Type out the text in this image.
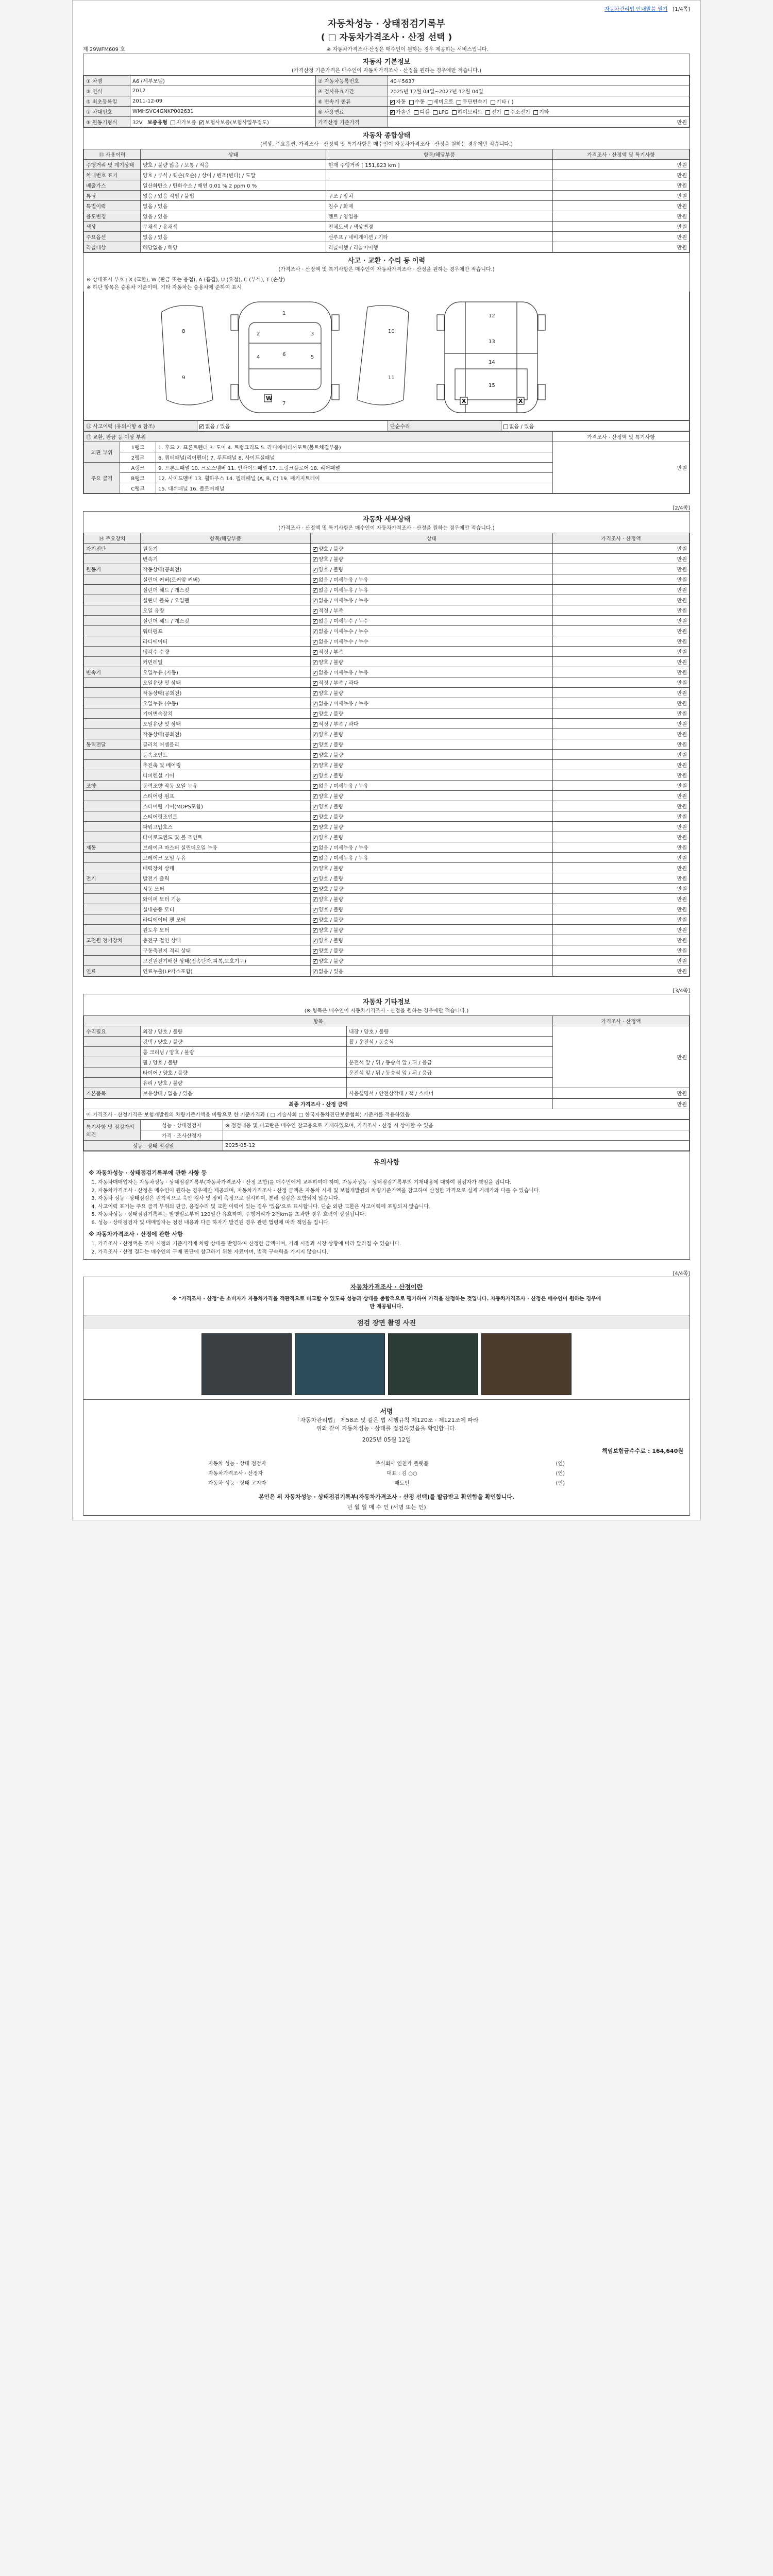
자동차관리법 안내말씀 열기 [1/4쪽]
자동차성능 · 상태점검기록부
( □ 자동차가격조사 · 산정 선택 )
제 29WFM609 호	※ 자동차가격조사·산정은 매수인이 원하는 경우 제공하는 서비스입니다.
자동차 기본정보
(가격산정 기준가격은 매수인이 자동차가격조사 · 산정을 원하는 경우에만 적습니다.)
① 차명	A6 (세부모델)	② 자동차등록번호	40무5637
③ 연식	2012	④ 검사유효기간	2025년 12월 04일~2027년 12월 04일
⑤ 최초등록일	2011-12-09	⑥ 변속기 종류	✓자동 수동 세미오토 무단변속기 기타 ( )
⑦ 차대번호	WMHSVC4GNKP002631	⑧ 사용연료	✓가솔린 디젤 LPG 하이브리드 전기 수소전기 기타
⑨ 원동기형식	32V 보증유형 자가보증 ✓ 보험사보증(보험사업무정도)	가격산정 기준가격	만원
자동차 종합상태
(색상, 주요옵션, 가격조사 · 산정액 및 특기사항은 매수인이 자동차가격조사 · 산정을 원하는 경우에만 적습니다.)
⑪ 사용이력	상태	항목/해당부품	가격조사 · 산정액 및 특기사항
주행거리 및 계기상태	양호 / 불량 많음 / 보통 / 적음	현재 주행거리 [ 151,823 km ]	만원
차대번호 표기	양호 / 부식 / 훼손(오손) / 상이 / 변조(변타) / 도말		만원
배출가스	일산화탄소 / 탄화수소 / 매연 0.01 % 2 ppm 0 %		만원
튜닝	없음 / 있음 적법 / 불법	구조 / 장치	만원
특별이력	없음 / 있음	침수 / 화재	만원
용도변경	없음 / 있음	렌트 / 영업용	만원
색상	무채색 / 유채색	전체도색 / 색상변경	만원
주요옵션	없음 / 있음	선루프 / 네비게이션 / 기타	만원
리콜대상	해당없음 / 해당	리콜이행 / 리콜미이행	만원
사고 · 교환 · 수리 등 이력
(가격조사 · 산정액 및 특기사항은 매수인이 자동차가격조사 · 산정을 원하는 경우에만 적습니다.)
※ 상태표시 부호 : X (교환), W (판금 또는 용접), A (흠집), U (요철), C (부식), T (손상)
※ 하단 항목은 승용차 기준이며, 기타 자동차는 승용차에 준하여 표시
1
2	3
4	5
6
7
8
9
10
11
12
13
14
15
W	X	X
⑫ 사고이력 (유의사항 4 참조)	✓없음 / 있음	단순수리	없음 / 있음
⑬ 교환, 판금 등 이상 부위			가격조사 · 산정액 및 특기사항
외판 부위	1랭크	1. 후드 2. 프론트펜더 3. 도어 4. 트렁크리드 5. 라디에이터서포트(볼트체결부품)	만원
	2랭크	6. 쿼터패널(리어펜더) 7. 루프패널 8. 사이드실패널	
주요 골격	A랭크	9. 프론트패널 10. 크로스멤버 11. 인사이드패널 17. 트렁크플로어 18. 리어패널	
	B랭크	12. 사이드멤버 13. 휠하우스 14. 필러패널 (A, B, C) 19. 패키지트레이	
	C랭크	15. 대쉬패널 16. 플로어패널	
[2/4쪽]
자동차 세부상태
(가격조사 · 산정액 및 특기사항은 매수인이 자동차가격조사 · 산정을 원하는 경우에만 적습니다.)
⑭ 주요장치	항목/해당부품	상태	가격조사 · 산정액
자기진단	원동기	✓양호 / 불량	만원
	변속기	✓양호 / 불량	만원
원동기	작동상태(공회전)	✓양호 / 불량	만원
	실린더 커버(로커암 커버)	✓없음 / 미세누유 / 누유	만원
	실린더 헤드 / 개스킷	✓없음 / 미세누유 / 누유	만원
	실린더 블록 / 오일팬	✓없음 / 미세누유 / 누유	만원
	오일 유량	✓적정 / 부족	만원
	실린더 헤드 / 개스킷	✓없음 / 미세누수 / 누수	만원
	워터펌프	✓없음 / 미세누수 / 누수	만원
	라디에이터	✓없음 / 미세누수 / 누수	만원
	냉각수 수량	✓적정 / 부족	만원
	커먼레일	✓양호 / 불량	만원
변속기	오일누유 (자동)	✓없음 / 미세누유 / 누유	만원
	오일유량 및 상태	✓적정 / 부족 / 과다	만원
	작동상태(공회전)	✓양호 / 불량	만원
	오일누유 (수동)	✓없음 / 미세누유 / 누유	만원
	기어변속장치	✓양호 / 불량	만원
	오일유량 및 상태	✓적정 / 부족 / 과다	만원
	작동상태(공회전)	✓양호 / 불량	만원
동력전달	클러치 어셈블리	✓양호 / 불량	만원
	등속조인트	✓양호 / 불량	만원
	추진축 및 베어링	✓양호 / 불량	만원
	디퍼렌셜 기어	✓양호 / 불량	만원
조향	동력조향 작동 오일 누유	✓없음 / 미세누유 / 누유	만원
	스티어링 펌프	✓양호 / 불량	만원
	스티어링 기어(MDPS포함)	✓양호 / 불량	만원
	스티어링조인트	✓양호 / 불량	만원
	파워고압호스	✓양호 / 불량	만원
	타이로드엔드 및 볼 조인트	✓양호 / 불량	만원
제동	브레이크 마스터 실린더오일 누유	✓없음 / 미세누유 / 누유	만원
	브레이크 오일 누유	✓없음 / 미세누유 / 누유	만원
	배력장치 상태	✓양호 / 불량	만원
전기	발전기 출력	✓양호 / 불량	만원
	시동 모터	✓양호 / 불량	만원
	와이퍼 모터 기능	✓양호 / 불량	만원
	실내송풍 모터	✓양호 / 불량	만원
	라디에이터 팬 모터	✓양호 / 불량	만원
	윈도우 모터	✓양호 / 불량	만원
고전원 전기장치	충전구 절연 상태	✓양호 / 불량	만원
	구동축전지 격리 상태	✓양호 / 불량	만원
	고전원전기배선 상태(접속단자,피복,보호기구)	✓양호 / 불량	만원
연료	연료누출(LP가스포함)	✓없음 / 있음	만원
[3/4쪽]
자동차 기타정보
(※ 항목은 매수인이 자동차가격조사 · 산정을 원하는 경우에만 적습니다.)
항목			가격조사 · 산정액
수리필요	외장 / 양호 / 불량	내장 / 양호 / 불량	만원
	광택 / 양호 / 불량	휠 / 운전석 / 동승석	
	룸 크리닝 / 양호 / 불량		
	휠 / 양호 / 불량	운전석 앞 / 뒤 / 동승석 앞 / 뒤 / 응급	
	타이어 / 양호 / 불량	운전석 앞 / 뒤 / 동승석 앞 / 뒤 / 응급	
	유리 / 양호 / 불량		
기본품목	보유상태 / 없음 / 있음	사용설명서 / 안전삼각대 / 잭 / 스패너	만원
최종 가격조사 · 산정 금액	만원
이 가격조사 · 산정가격은 보험개발원의 차량기준가액을 바탕으로 한 기준가격과 ( □ 기술사회 □ 한국자동차진단보증협회) 기준서를 적용하였음
특기사항 및 점검자의 의견	성능 · 상태점검자	※ 점검내용 및 비고란은 매수인 참고용으로 기재하였으며, 가격조사 · 산정 시 상이할 수 있음
	가격 · 조사산정자	
성능 · 상태 점검일		2025-05-12
유의사항
※ 자동차성능 · 상태점검기록부에 관한 사항 등
1. 자동차매매업자는 자동차성능 · 상태점검기록부(자동차가격조사 · 산정 포함)를 매수인에게 교부하여야 하며, 자동차성능 · 상태점검기록부의 기재내용에 대하여 점검자가 책임을 집니다.
2. 자동차가격조사 · 산정은 매수인이 원하는 경우에만 제공되며, 자동차가격조사 · 산정 금액은 자동차 시세 및 보험개발원의 차량기준가액을 참고하여 산정한 가격으로 실제 거래가와 다를 수 있습니다.
3. 자동차 성능 · 상태점검은 원칙적으로 육안 검사 및 장비 측정으로 실시하며, 분해 점검은 포함되지 않습니다.
4. 사고이력 표기는 주요 골격 부위의 판금, 용접수리 및 교환 이력이 있는 경우 '있음'으로 표시합니다. 단순 외판 교환은 사고이력에 포함되지 않습니다.
5. 자동차성능 · 상태점검기록부는 발행일로부터 120일간 유효하며, 주행거리가 2천km를 초과한 경우 효력이 상실됩니다.
6. 성능 · 상태점검자 및 매매업자는 점검 내용과 다른 하자가 발견된 경우 관련 법령에 따라 책임을 집니다.
※ 자동차가격조사 · 산정에 관한 사항
1. 가격조사 · 산정액은 조사 시점의 기준가격에 차량 상태를 반영하여 산정한 금액이며, 거래 시점과 시장 상황에 따라 달라질 수 있습니다.
2. 가격조사 · 산정 결과는 매수인의 구매 판단에 참고하기 위한 자료이며, 법적 구속력을 가지지 않습니다.
[4/4쪽]
자동차가격조사 · 산정이란
※ "가격조사 · 산정"은 소비자가 자동차가격을 객관적으로 비교할 수 있도록 성능과 상태를 종합적으로 평가하여 가격을 산정하는 것입니다. 자동차가격조사 · 산정은 매수인이 원하는 경우에만 제공됩니다.
점검 장면 촬영 사진
서명
「자동차관리법」 제58조 및 같은 법 시행규칙 제120조 · 제121조에 따라
위와 같이 자동차성능 · 상태를 점검하였음을 확인합니다.
2025년 05월 12일
책임보험금수수료 : 164,640원
자동차 성능 · 상태 점검자	주식회사 인천카 플랫폼	(인)
자동차가격조사 · 산정자	대표 : 김 ○○	(인)
자동차 성능 · 상태 고지자	매도인	(인)
본인은 위 자동차성능 · 상태점검기록부(자동차가격조사 · 산정 선택)를 발급받고 확인함을 확인합니다.
년 월 일 매 수 인 (서명 또는 인)
